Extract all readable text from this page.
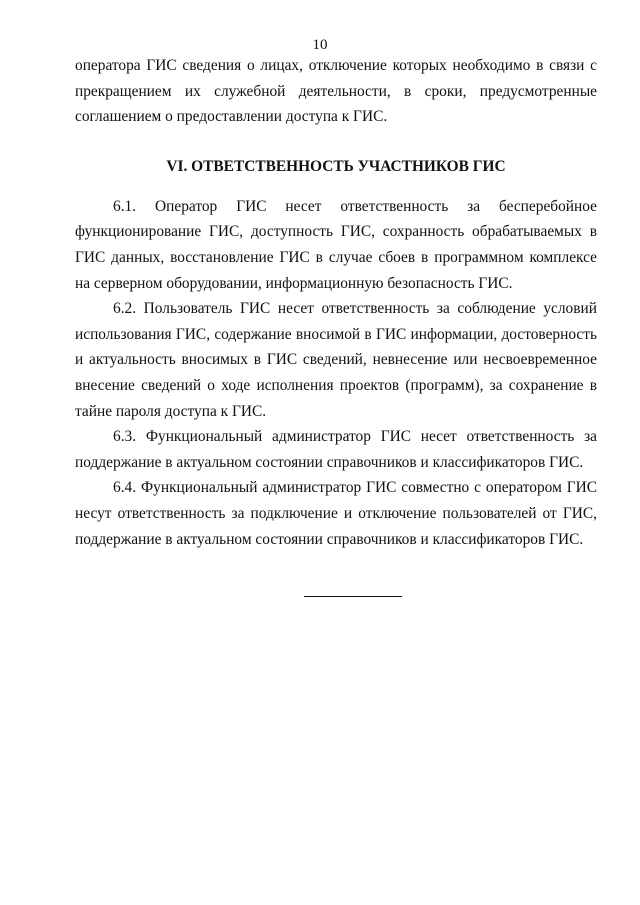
10

оператора ГИС сведения о лицах, отключение которых необходимо в связи с прекращением их служебной деятельности, в сроки, предусмотренные соглашением о предоставлении доступа к ГИС.

VI. ОТВЕТСТВЕННОСТЬ УЧАСТНИКОВ ГИС

6.1. Оператор ГИС несет ответственность за бесперебойное функционирование ГИС, доступность ГИС, сохранность обрабатываемых в ГИС данных, восстановление ГИС в случае сбоев в программном комплексе на серверном оборудовании, информационную безопасность ГИС.

6.2. Пользователь ГИС несет ответственность за соблюдение условий использования ГИС, содержание вносимой в ГИС информации, достоверность и актуальность вносимых в ГИС сведений, невнесение или несвоевременное внесение сведений о ходе исполнения проектов (программ), за сохранение в тайне пароля доступа к ГИС.

6.3. Функциональный администратор ГИС несет ответственность за поддержание в актуальном состоянии справочников и классификаторов ГИС.

6.4. Функциональный администратор ГИС совместно с оператором ГИС несут ответственность за подключение и отключение пользователей от ГИС, поддержание в актуальном состоянии справочников и классификаторов ГИС.
